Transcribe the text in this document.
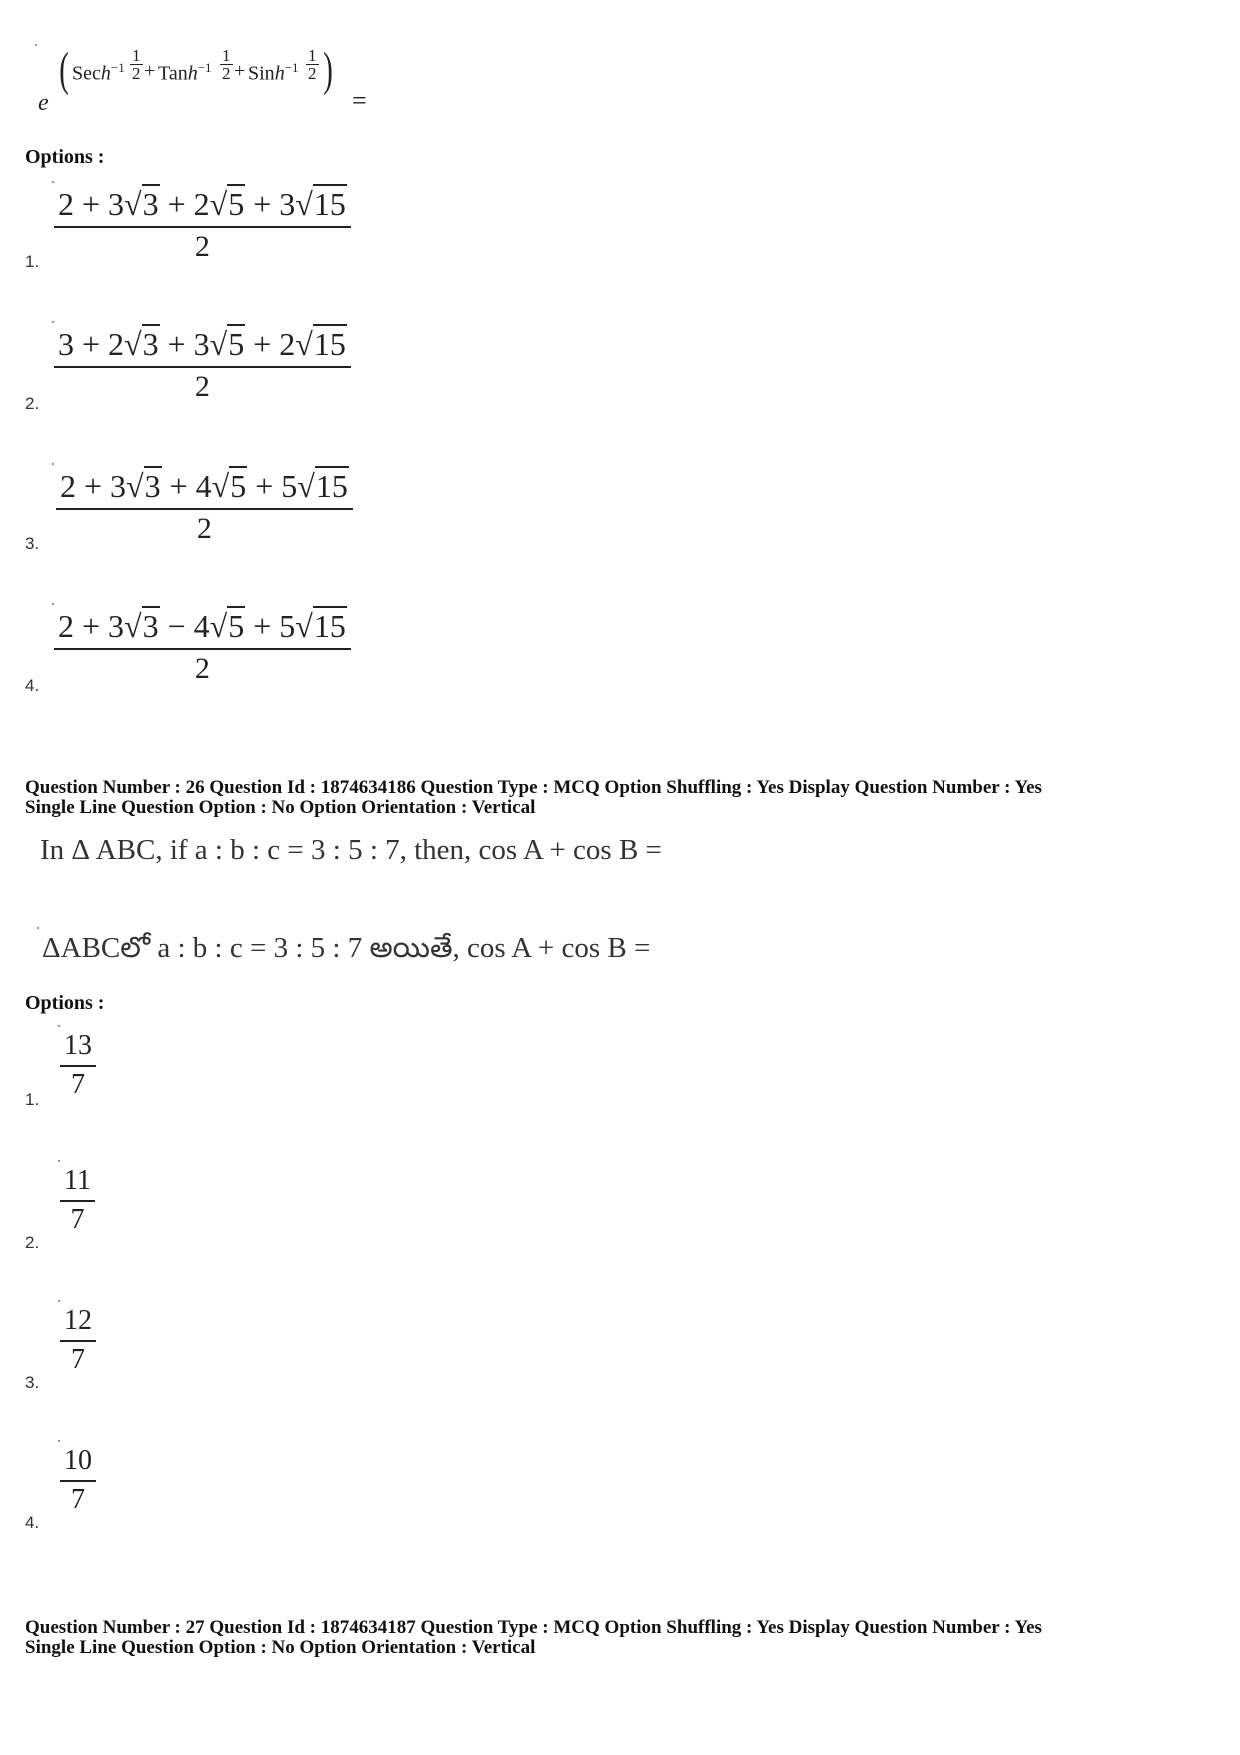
e
( Sech$^{-1}$
1
2 + Tanh$^{-1}$
1
2 + Sinh$^{-1}$
1
2 )
=
Options :
$\frac{2 + 3√3 + 2√5 + 3√15}{2}$
1.
$\frac{3 + 2√3 + 3√5 + 2√15}{2}$
2.
$\frac{2 + 3√3 + 4√5 + 5√15}{2}$
3.
$\frac{2 + 3√3 - 4√5 + 5√15}{2}$
4.
Question Number : 26 Question Id : 1874634186 Question Type : MCQ Option Shuffling : Yes Display Question Number : Yes
Single Line Question Option : No Option Orientation : Vertical
In Δ ABC, if a : b : c = 3 : 5 : 7, then, cos A + cos B =
ΔABCలో a : b : c = 3 : 5 : 7 అయితే, cos A + cos B =
Options :
$\frac{13}{7}$
1.
$\frac{11}{7}$
2.
$\frac{12}{7}$
3.
$\frac{10}{7}$
4.
Question Number : 27 Question Id : 1874634187 Question Type : MCQ Option Shuffling : Yes Display Question Number : Yes
Single Line Question Option : No Option Orientation : Vertical
